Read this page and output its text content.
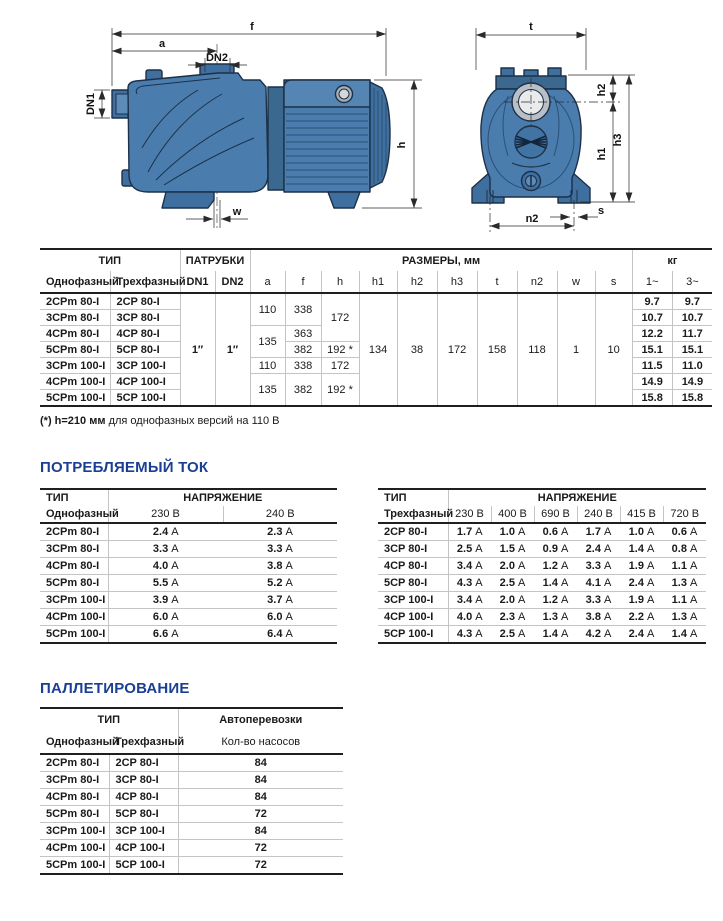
f
a
DN2
DN1
h
w
t
h2
h1
h3
n2
s
ТИП		ПАТРУБКИ		РАЗМЕРЫ, мм										кг	
Однофазный	Трехфазный	DN1	DN2	a	f	h	h1	h2	h3	t	n2	w	s	1~	3~
2CPm 80-I	2CP 80-I	1″	1″	110	338	172	134	38	172	158	118	1	10	9.7	9.7
3CPm 80-I	3CP 80-I													10.7	10.7
4CPm 80-I	4CP 80-I			135	363									12.2	11.7
5CPm 80-I	5CP 80-I				382	192 *								15.1	15.1
3CPm 100-I	3CP 100-I			110	338	172								11.5	11.0
4CPm 100-I	4CP 100-I			135	382	192 *								14.9	14.9
5CPm 100-I	5CP 100-I													15.8	15.8

(*) h=210 мм для однофазных версий на 110 В

ПОТРЕБЛЯЕМЫЙ ТОК
ТИП	НАПРЯЖЕНИЕ	
Однофазный	230 В	240 В
2CPm 80-I	2.4 A	2.3 A
3CPm 80-I	3.3 A	3.3 A
4CPm 80-I	4.0 A	3.8 A
5CPm 80-I	5.5 A	5.2 A
3CPm 100-I	3.9 A	3.7 A
4CPm 100-I	6.0 A	6.0 A
5CPm 100-I	6.6 A	6.4 A
ТИП	НАПРЯЖЕНИЕ					
Трехфазный	230 В	400 В	690 В	240 В	415 В	720 В
2CP 80-I	1.7 A	1.0 A	0.6 A	1.7 A	1.0 A	0.6 A
3CP 80-I	2.5 A	1.5 A	0.9 A	2.4 A	1.4 A	0.8 A
4CP 80-I	3.4 A	2.0 A	1.2 A	3.3 A	1.9 A	1.1 A
5CP 80-I	4.3 A	2.5 A	1.4 A	4.1 A	2.4 A	1.3 A
3CP 100-I	3.4 A	2.0 A	1.2 A	3.3 A	1.9 A	1.1 A
4CP 100-I	4.0 A	2.3 A	1.3 A	3.8 A	2.2 A	1.3 A
5CP 100-I	4.3 A	2.5 A	1.4 A	4.2 A	2.4 A	1.4 A
ПАЛЛЕТИРОВАНИЕ
ТИП		Автоперевозки
Однофазный	Трехфазный	Кол-во насосов
2CPm 80-I	2CP 80-I	84
3CPm 80-I	3CP 80-I	84
4CPm 80-I	4CP 80-I	84
5CPm 80-I	5CP 80-I	72
3CPm 100-I	3CP 100-I	84
4CPm 100-I	4CP 100-I	72
5CPm 100-I	5CP 100-I	72
